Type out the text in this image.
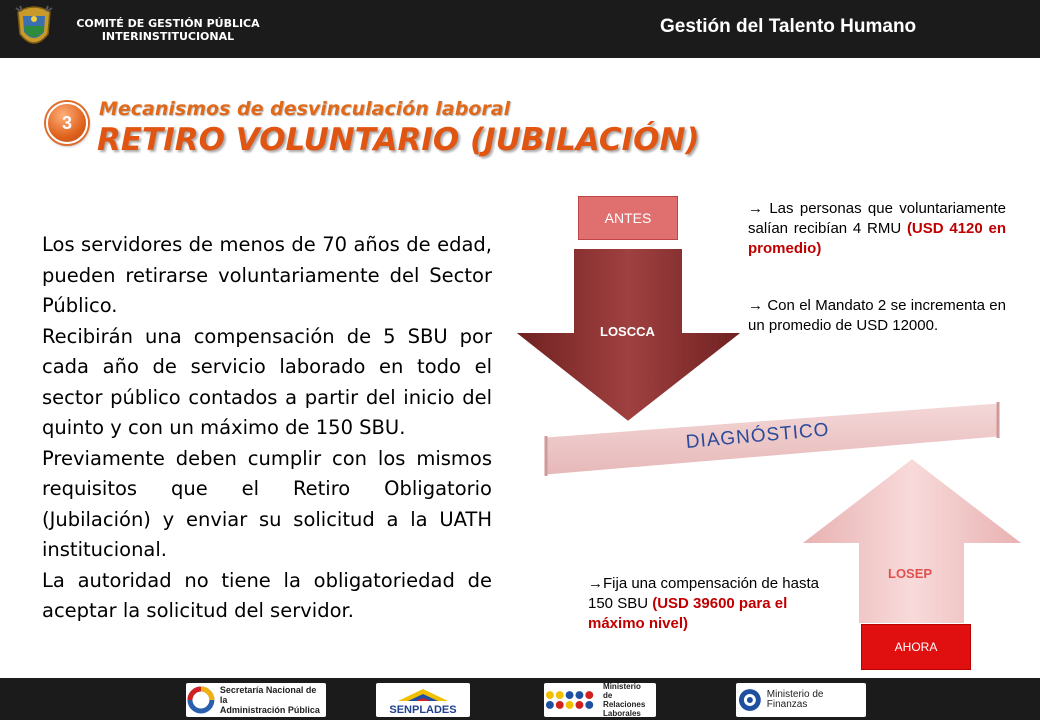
COMITÉ DE GESTIÓN PÚBLICA
INTERINSTITUCIONAL	Gestión del Talento Humano
3
Mecanismos de desvinculación laboral
RETIRO VOLUNTARIO (JUBILACIÓN)

Los servidores de menos de 70 años de edad, pueden retirarse voluntariamente del Sector Público.

Recibirán una compensación de 5 SBU por cada año de servicio laborado en todo el sector público contados a partir del inicio del quinto y con un máximo de 150 SBU.

Previamente deben cumplir con los mismos requisitos que el Retiro Obligatorio (Jubilación) y enviar su solicitud a la UATH institucional.

La autoridad no tiene la obligatoriedad de aceptar la solicitud del servidor.

ANTES
LOSCCA
DIAGNÓSTICO
LOSEP
AHORA
→ Las personas que voluntariamente salían recibían 4 RMU (USD 4120 en promedio)
→ Con el Mandato 2 se incrementa en un promedio de USD 12000.
→Fija una compensación de hasta 150 SBU (USD 39600 para el máximo nivel)
Secretaría Nacional de la
Administración Pública	SENPLADES
Ministerio
de Relaciones
Laborales
Ministerio de Finanzas
